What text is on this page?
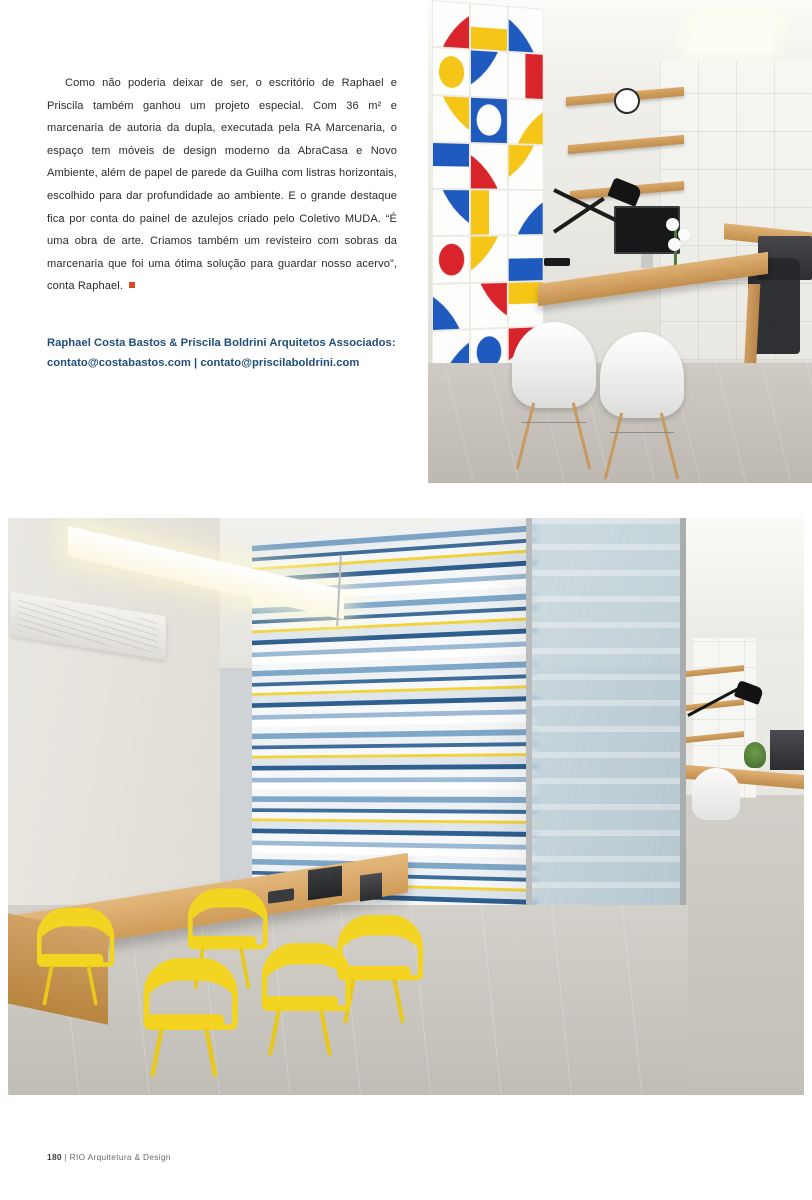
Como não poderia deixar de ser, o escritório de Raphael e Priscila também ganhou um projeto especial. Com 36 m² e marcenaria de autoria da dupla, executada pela RA Marcenaria, o espaço tem móveis de design moderno da AbraCasa e Novo Ambiente, além de papel de parede da Guilha com listras horizontais, escolhido para dar profundidade ao ambiente. E o grande destaque fica por conta do painel de azulejos criado pelo Coletivo MUDA. “É uma obra de arte. Criamos também um revisteiro com sobras da marcenaria que foi uma ótima solução para guardar nosso acervo”, conta Raphael.

Raphael Costa Bastos & Priscila Boldrini Arquitetos Associados:
contato@costabastos.com | contato@priscilaboldrini.com
180 | RIO Arquitetura & Design
